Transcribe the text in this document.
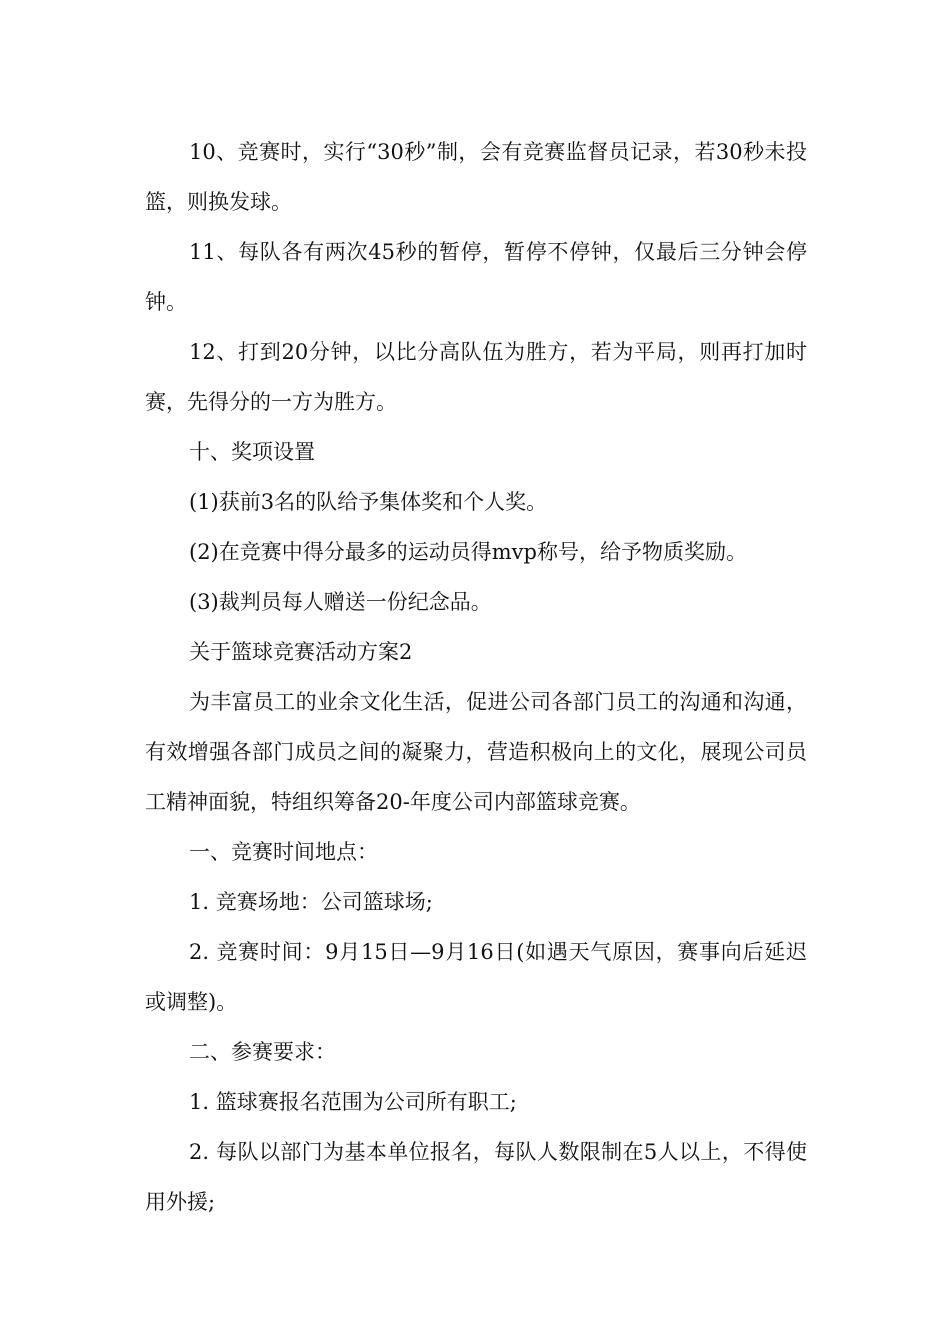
10、竞赛时，实行“30秒”制，会有竞赛监督员记录，若30秒未投篮，则换发球。

11、每队各有两次45秒的暂停，暂停不停钟，仅最后三分钟会停钟。

12、打到20分钟，以比分高队伍为胜方，若为平局，则再打加时赛，先得分的一方为胜方。

十、奖项设置

(1)获前3名的队给予集体奖和个人奖。

(2)在竞赛中得分最多的运动员得mvp称号，给予物质奖励。

(3)裁判员每人赠送一份纪念品。

关于篮球竞赛活动方案2

为丰富员工的业余文化生活，促进公司各部门员工的沟通和沟通，有效增强各部门成员之间的凝聚力，营造积极向上的文化，展现公司员工精神面貌，特组织筹备20-年度公司内部篮球竞赛。

一、竞赛时间地点：

1. 竞赛场地：公司篮球场;

2. 竞赛时间：9月15日—9月16日(如遇天气原因，赛事向后延迟或调整)。

二、参赛要求：

1. 篮球赛报名范围为公司所有职工;

2. 每队以部门为基本单位报名，每队人数限制在5人以上，不得使用外援;
